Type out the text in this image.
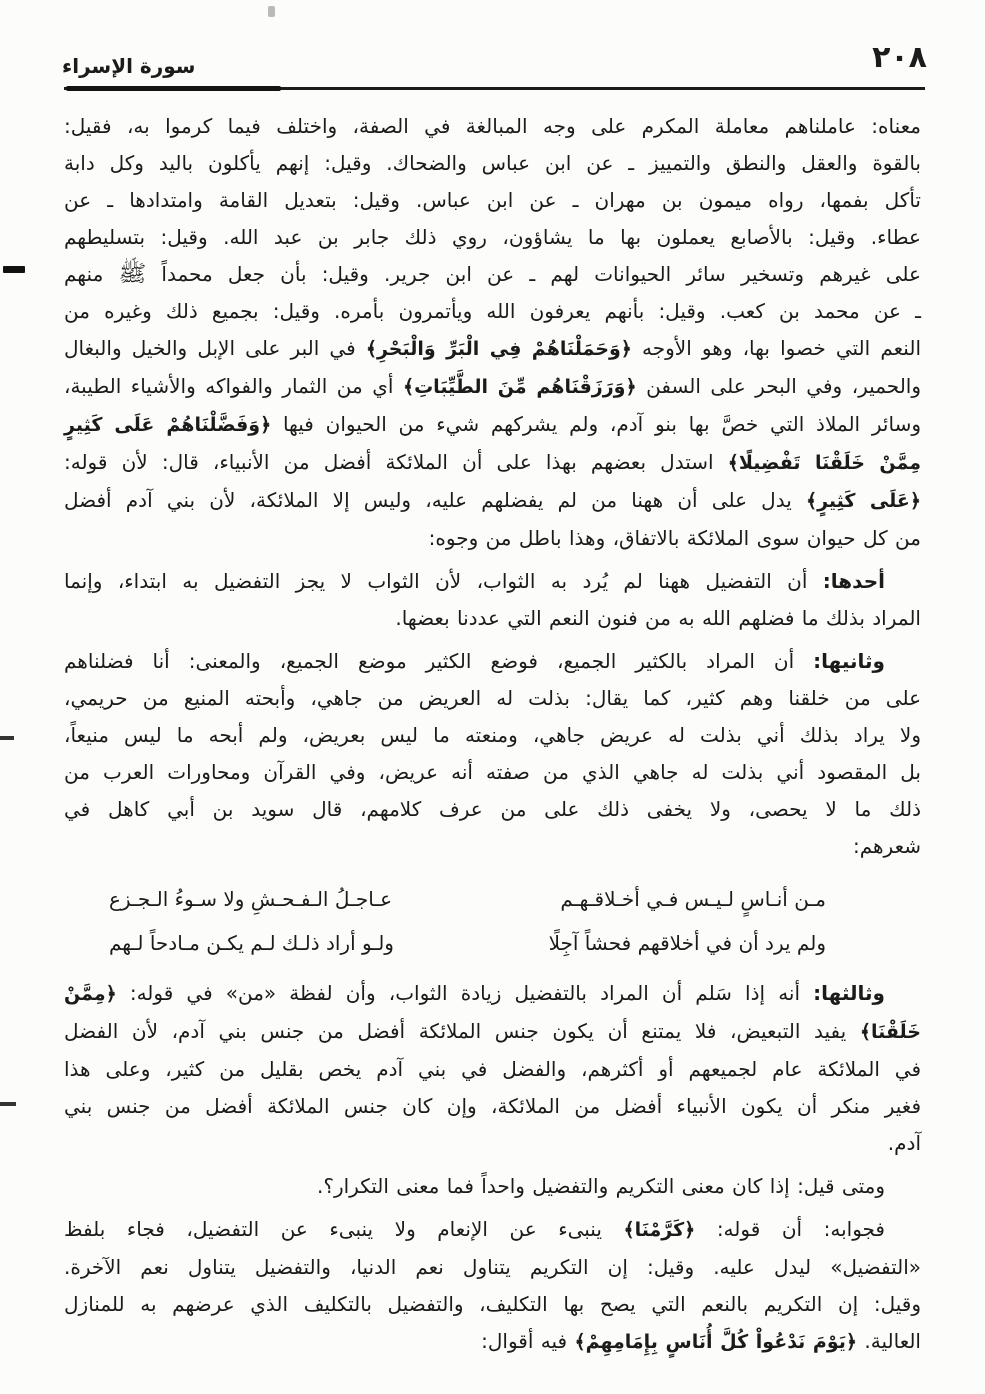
٢٠٨
سورة الإسراء
معناه: عاملناهم معاملة المكرم على وجه المبالغة في الصفة، واختلف فيما كرموا به، فقيل:
بالقوة والعقل والنطق والتمييز ـ عن ابن عباس والضحاك. وقيل: إنهم يأكلون باليد وكل دابة
تأكل بفمها، رواه ميمون بن مهران ـ عن ابن عباس. وقيل: بتعديل القامة وامتدادها ـ عن
عطاء. وقيل: بالأصابع يعملون بها ما يشاؤون، روي ذلك جابر بن عبد الله. وقيل: بتسليطهم
على غيرهم وتسخير سائر الحيوانات لهم ـ عن ابن جرير. وقيل: بأن جعل محمداً ﷺ منهم
ـ عن محمد بن كعب. وقيل: بأنهم يعرفون الله ويأتمرون بأمره. وقيل: بجميع ذلك وغيره من
النعم التي خصوا بها، وهو الأوجه ﴿وَحَمَلْنَاهُمْ فِي الْبَرِّ وَالْبَحْرِ﴾ في البر على الإبل والخيل والبغال
والحمير، وفي البحر على السفن ﴿وَرَزَقْنَاهُم مِّنَ الطَّيِّبَاتِ﴾ أي من الثمار والفواكه والأشياء الطيبة،
وسائر الملاذ التي خصَّ بها بنو آدم، ولم يشركهم شيء من الحيوان فيها ﴿وَفَضَّلْنَاهُمْ عَلَى كَثِيرٍ
مِمَّنْ خَلَقْنَا تَفْضِيلًا﴾ استدل بعضهم بهذا على أن الملائكة أفضل من الأنبياء، قال: لأن قوله:
﴿عَلَى كَثِيرٍ﴾ يدل على أن ههنا من لم يفضلهم عليه، وليس إلا الملائكة، لأن بني آدم أفضل
من كل حيوان سوى الملائكة بالاتفاق، وهذا باطل من وجوه:
أحدها: أن التفضيل ههنا لم يُرد به الثواب، لأن الثواب لا يجز التفضيل به ابتداء، وإنما
المراد بذلك ما فضلهم الله به من فنون النعم التي عددنا بعضها.
وثانيها: أن المراد بالكثير الجميع، فوضع الكثير موضع الجميع، والمعنى: أنا فضلناهم
على من خلقنا وهم كثير، كما يقال: بذلت له العريض من جاهي، وأبحته المنيع من حريمي،
ولا يراد بذلك أني بذلت له عريض جاهي، ومنعته ما ليس بعريض، ولم أبحه ما ليس منيعاً،
بل المقصود أني بذلت له جاهي الذي من صفته أنه عريض، وفي القرآن ومحاورات العرب من
ذلك ما لا يحصى، ولا يخفى ذلك على من عرف كلامهم، قال سويد بن أبي كاهل في
شعرهم:
مـن أنـاسٍ لـيـس فـي أخـلاقـهـم
عـاجـلُ الـفـحـشِ ولا سـوءُ الـجـزع
ولم يرد أن في أخلاقهم فحشاً آجِلًا
ولـو أراد ذلـك لـم يكـن مـادحاً لـهم
وثالثها: أنه إذا سَلم أن المراد بالتفضيل زيادة الثواب، وأن لفظة «من» في قوله: ﴿مِمَّنْ
خَلَقْنَا﴾ يفيد التبعيض، فلا يمتنع أن يكون جنس الملائكة أفضل من جنس بني آدم، لأن الفضل
في الملائكة عام لجميعهم أو أكثرهم، والفضل في بني آدم يخص بقليل من كثير، وعلى هذا
فغير منكر أن يكون الأنبياء أفضل من الملائكة، وإن كان جنس الملائكة أفضل من جنس بني
آدم.
ومتى قيل: إذا كان معنى التكريم والتفضيل واحداً فما معنى التكرار؟.
فجوابه: أن قوله: ﴿كَرَّمْنَا﴾ ينبىء عن الإنعام ولا ينبىء عن التفضيل، فجاء بلفظ
«التفضيل» ليدل عليه. وقيل: إن التكريم يتناول نعم الدنيا، والتفضيل يتناول نعم الآخرة.
وقيل: إن التكريم بالنعم التي يصح بها التكليف، والتفضيل بالتكليف الذي عرضهم به للمنازل
العالية. ﴿يَوْمَ نَدْعُواْ كُلَّ أُنَاسٍ بِإِمَامِهِمْ﴾ فيه أقوال:
